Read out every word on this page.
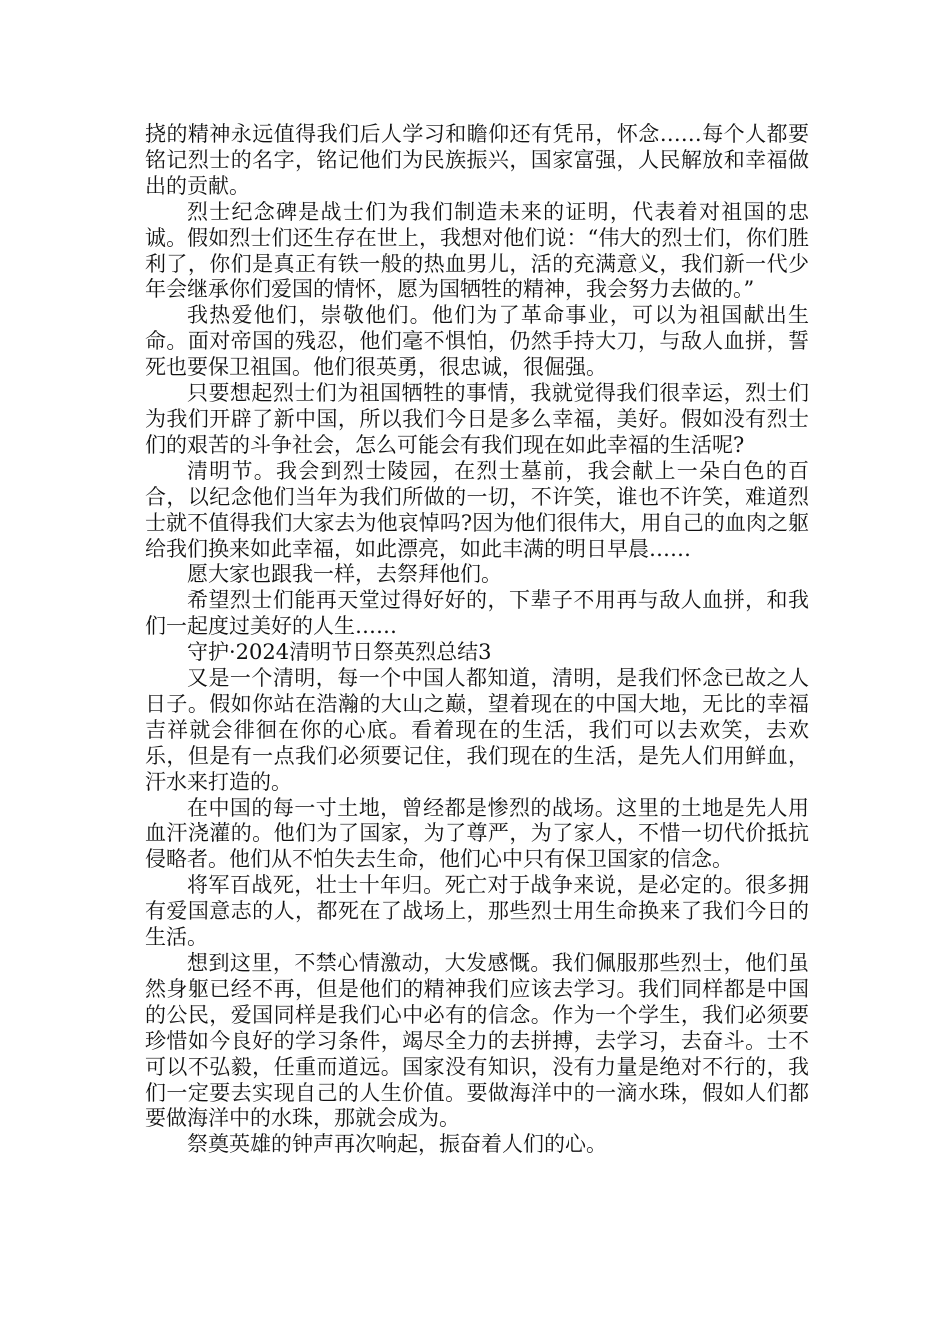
挠的精神永远值得我们后人学习和瞻仰还有凭吊，怀念……每个人都要铭记烈士的名字，铭记他们为民族振兴，国家富强，人民解放和幸福做出的贡献。

烈士纪念碑是战士们为我们制造未来的证明，代表着对祖国的忠诚。假如烈士们还生存在世上，我想对他们说：“伟大的烈士们，你们胜利了，你们是真正有铁一般的热血男儿，活的充满意义，我们新一代少年会继承你们爱国的情怀，愿为国牺牲的精神，我会努力去做的。”

我热爱他们，崇敬他们。他们为了革命事业，可以为祖国献出生命。面对帝国的残忍，他们毫不惧怕，仍然手持大刀，与敌人血拼，誓死也要保卫祖国。他们很英勇，很忠诚，很倔强。

只要想起烈士们为祖国牺牲的事情，我就觉得我们很幸运，烈士们为我们开辟了新中国，所以我们今日是多么幸福，美好。假如没有烈士们的艰苦的斗争社会，怎么可能会有我们现在如此幸福的生活呢?

清明节。我会到烈士陵园，在烈士墓前，我会献上一朵白色的百合，以纪念他们当年为我们所做的一切，不许笑，谁也不许笑，难道烈士就不值得我们大家去为他哀悼吗?因为他们很伟大，用自己的血肉之躯给我们换来如此幸福，如此漂亮，如此丰满的明日早晨……

愿大家也跟我一样，去祭拜他们。

希望烈士们能再天堂过得好好的，下辈子不用再与敌人血拼，和我们一起度过美好的人生……

守护·2024清明节日祭英烈总结3

又是一个清明，每一个中国人都知道，清明，是我们怀念已故之人日子。假如你站在浩瀚的大山之巅，望着现在的中国大地，无比的幸福吉祥就会徘徊在你的心底。看着现在的生活，我们可以去欢笑，去欢乐，但是有一点我们必须要记住，我们现在的生活，是先人们用鲜血，汗水来打造的。

在中国的每一寸土地，曾经都是惨烈的战场。这里的土地是先人用血汗浇灌的。他们为了国家，为了尊严，为了家人，不惜一切代价抵抗侵略者。他们从不怕失去生命，他们心中只有保卫国家的信念。

将军百战死，壮士十年归。死亡对于战争来说，是必定的。很多拥有爱国意志的人，都死在了战场上，那些烈士用生命换来了我们今日的生活。

想到这里，不禁心情激动，大发感慨。我们佩服那些烈士，他们虽然身躯已经不再，但是他们的精神我们应该去学习。我们同样都是中国的公民，爱国同样是我们心中必有的信念。作为一个学生，我们必须要珍惜如今良好的学习条件，竭尽全力的去拼搏，去学习，去奋斗。士不可以不弘毅，任重而道远。国家没有知识，没有力量是绝对不行的，我们一定要去实现自己的人生价值。要做海洋中的一滴水珠，假如人们都要做海洋中的水珠，那就会成为。

祭奠英雄的钟声再次响起，振奋着人们的心。
